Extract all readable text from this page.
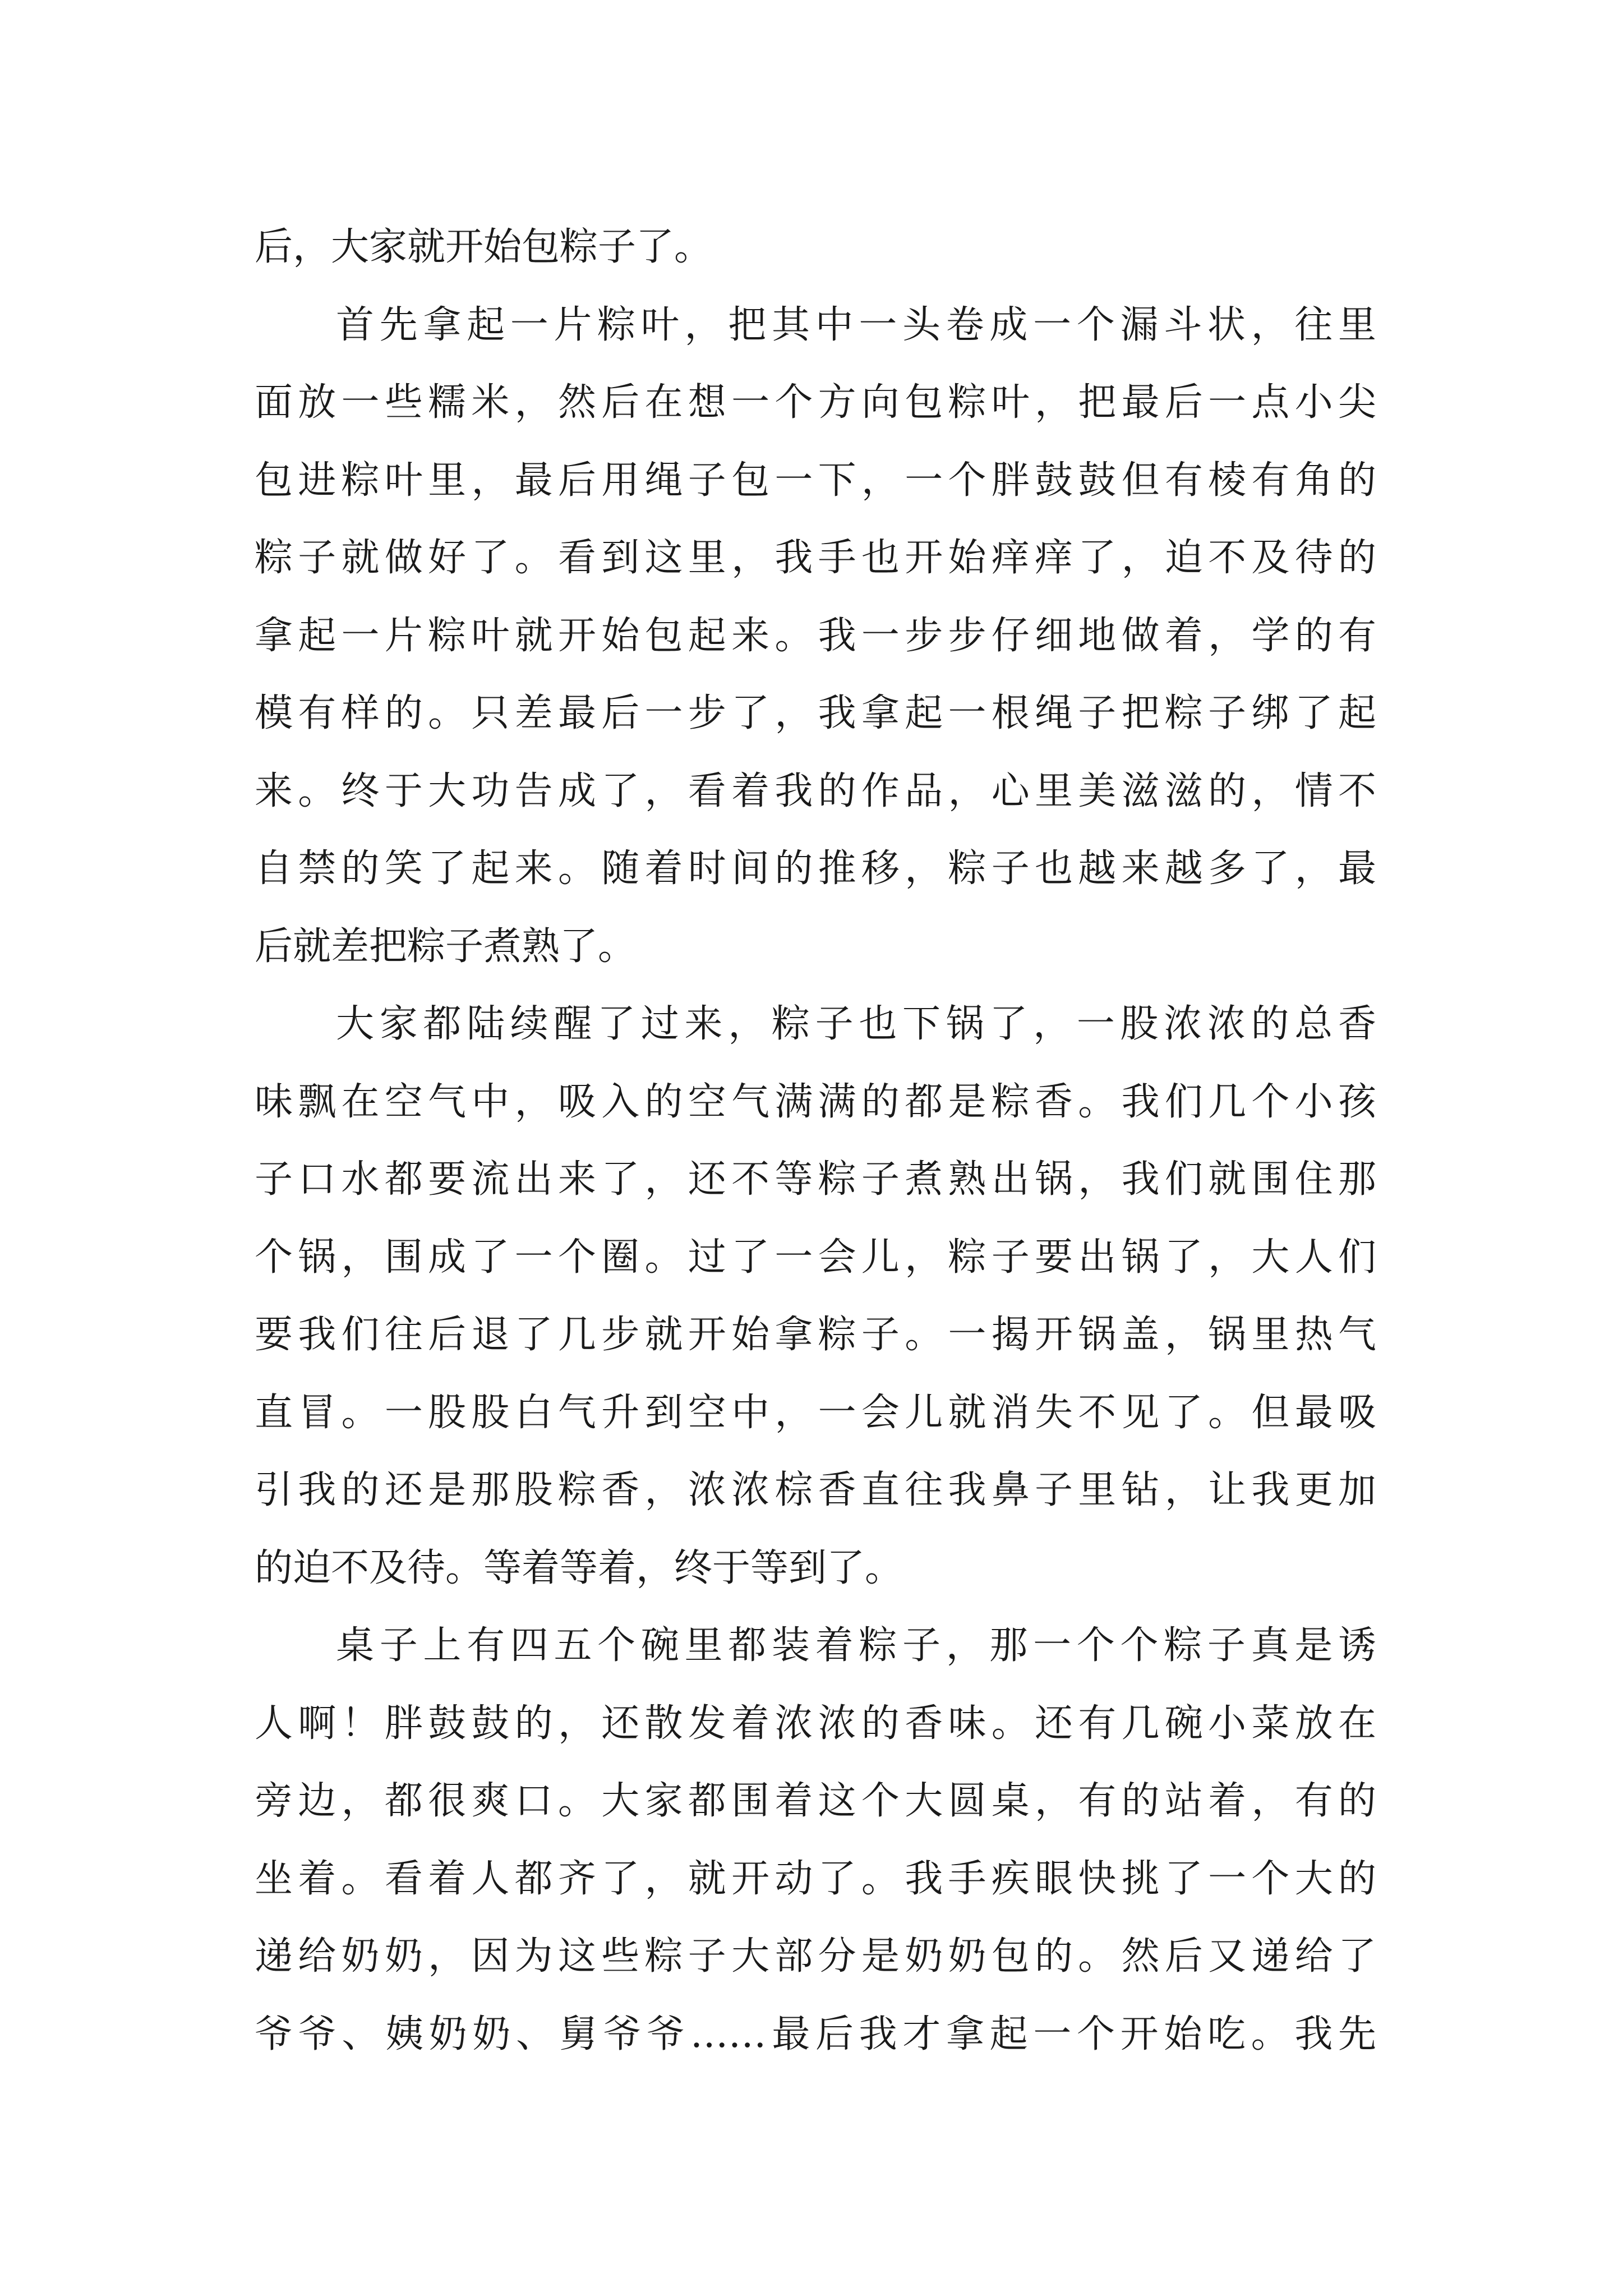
后，大家就开始包粽子了。
首先拿起一片粽叶，把其中一头卷成一个漏斗状，往里
面放一些糯米，然后在想一个方向包粽叶，把最后一点小尖
包进粽叶里，最后用绳子包一下，一个胖鼓鼓但有棱有角的
粽子就做好了。看到这里，我手也开始痒痒了，迫不及待的
拿起一片粽叶就开始包起来。我一步步仔细地做着，学的有
模有样的。只差最后一步了，我拿起一根绳子把粽子绑了起
来。终于大功告成了，看着我的作品，心里美滋滋的，情不
自禁的笑了起来。随着时间的推移，粽子也越来越多了，最
后就差把粽子煮熟了。
大家都陆续醒了过来，粽子也下锅了，一股浓浓的总香
味飘在空气中，吸入的空气满满的都是粽香。我们几个小孩
子口水都要流出来了，还不等粽子煮熟出锅，我们就围住那
个锅，围成了一个圈。过了一会儿，粽子要出锅了，大人们
要我们往后退了几步就开始拿粽子。一揭开锅盖，锅里热气
直冒。一股股白气升到空中，一会儿就消失不见了。但最吸
引我的还是那股粽香，浓浓棕香直往我鼻子里钻，让我更加
的迫不及待。等着等着，终于等到了。
桌子上有四五个碗里都装着粽子，那一个个粽子真是诱
人啊！胖鼓鼓的，还散发着浓浓的香味。还有几碗小菜放在
旁边，都很爽口。大家都围着这个大圆桌，有的站着，有的
坐着。看着人都齐了，就开动了。我手疾眼快挑了一个大的
递给奶奶，因为这些粽子大部分是奶奶包的。然后又递给了
爷爷、姨奶奶、舅爷爷……最后我才拿起一个开始吃。我先
